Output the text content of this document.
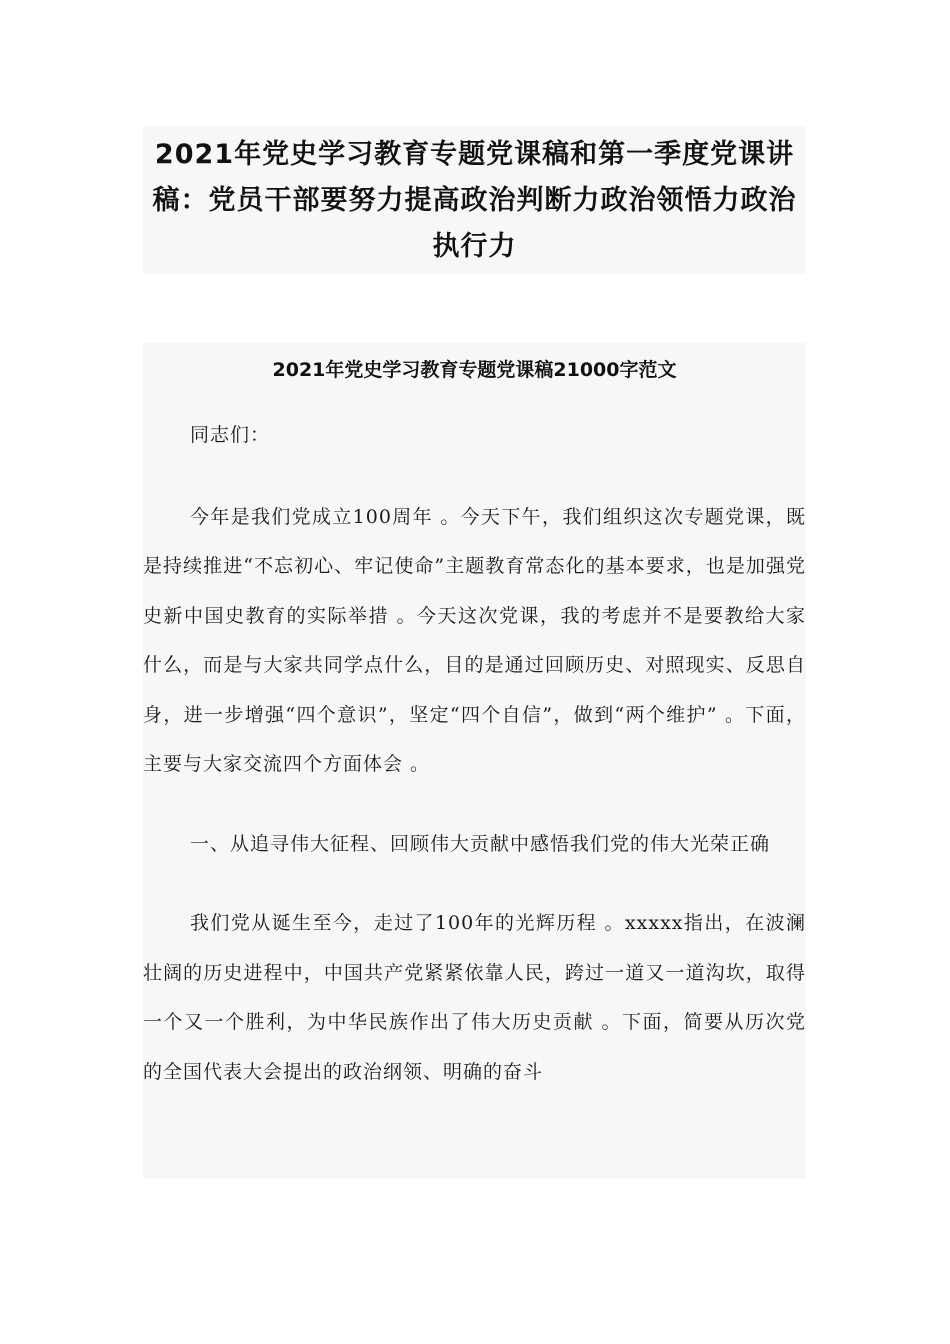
2021年党史学习教育专题党课稿和第一季度党课讲稿：党员干部要努力提高政治判断力政治领悟力政治执行力
2021年党史学习教育专题党课稿21000字范文

同志们：

今年是我们党成立100周年 。今天下午，我们组织这次专题党课，既是持续推进“不忘初心、牢记使命”主题教育常态化的基本要求，也是加强党史新中国史教育的实际举措 。今天这次党课，我的考虑并不是要教给大家什么，而是与大家共同学点什么，目的是通过回顾历史、对照现实、反思自身，进一步增强“四个意识”，坚定“四个自信”，做到“两个维护” 。下面，主要与大家交流四个方面体会 。

一、从追寻伟大征程、回顾伟大贡献中感悟我们党的伟大光荣正确

我们党从诞生至今，走过了100年的光辉历程 。xxxxx指出，在波澜壮阔的历史进程中，中国共产党紧紧依靠人民，跨过一道又一道沟坎，取得一个又一个胜利，为中华民族作出了伟大历史贡献 。下面，简要从历次党的全国代表大会提出的政治纲领、明确的奋斗
